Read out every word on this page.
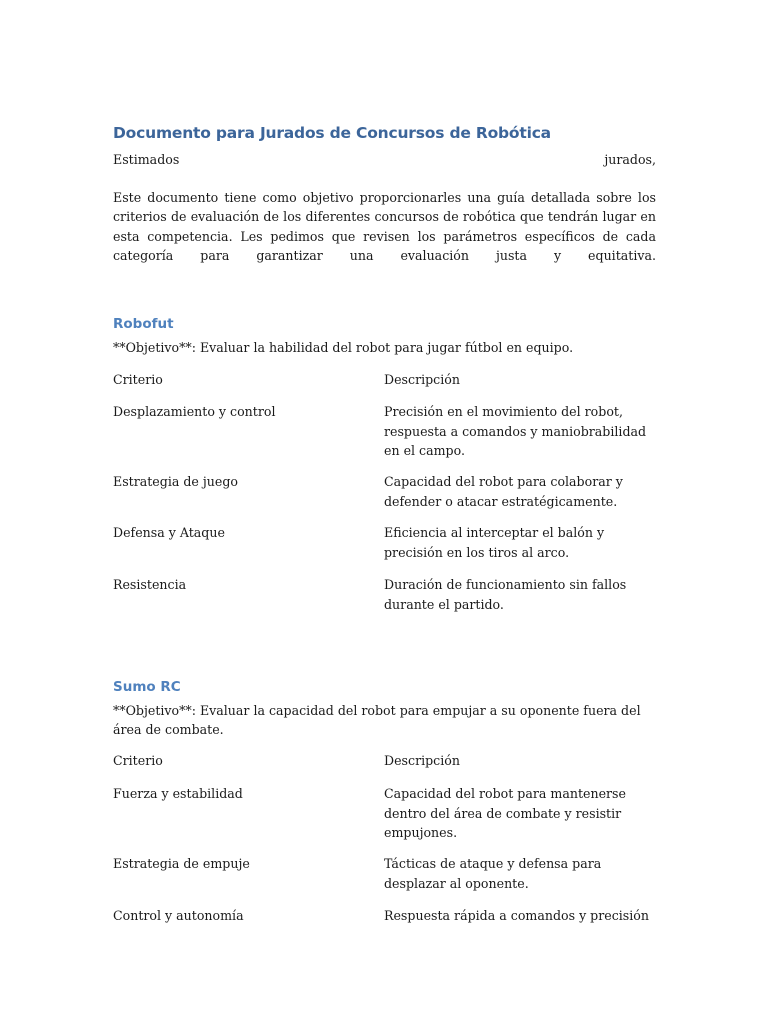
Documento para Jurados de Concursos de Robótica
Estimados	jurados,
Este documento tiene como objetivo proporcionarles una guía detallada sobre los criterios de evaluación de los diferentes concursos de robótica que tendrán lugar en esta competencia. Les pedimos que revisen los parámetros específicos de cada categoría para garantizar una evaluación justa y equitativa.
Robofut
**Objetivo**: Evaluar la habilidad del robot para jugar fútbol en equipo.
Criterio	Descripción
Desplazamiento y control	Precisión en el movimiento del robot, respuesta a comandos y maniobrabilidad en el campo.
Estrategia de juego	Capacidad del robot para colaborar y defender o atacar estratégicamente.
Defensa y Ataque	Eficiencia al interceptar el balón y precisión en los tiros al arco.
Resistencia	Duración de funcionamiento sin fallos durante el partido.
Sumo RC
**Objetivo**: Evaluar la capacidad del robot para empujar a su oponente fuera del área de combate.
Criterio	Descripción
Fuerza y estabilidad	Capacidad del robot para mantenerse dentro del área de combate y resistir empujones.
Estrategia de empuje	Tácticas de ataque y defensa para desplazar al oponente.
Control y autonomía	Respuesta rápida a comandos y precisión
